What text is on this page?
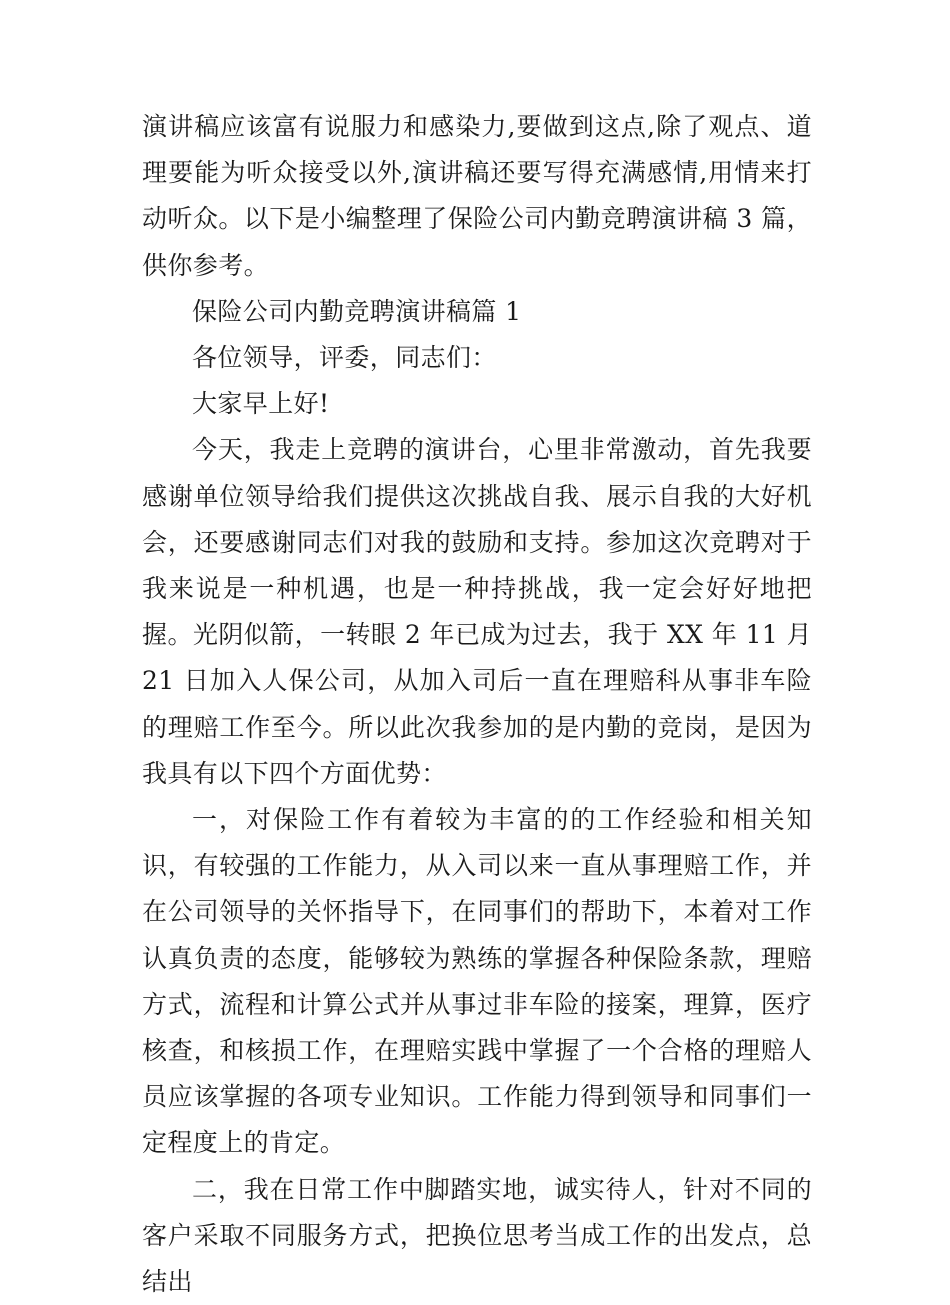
演讲稿应该富有说服力和感染力,要做到这点,除了观点、道理要能为听众接受以外,演讲稿还要写得充满感情,用情来打动听众。以下是小编整理了保险公司内勤竞聘演讲稿 3 篇，供你参考。

保险公司内勤竞聘演讲稿篇 1

各位领导，评委，同志们：

大家早上好!

今天，我走上竞聘的演讲台，心里非常激动，首先我要感谢单位领导给我们提供这次挑战自我、展示自我的大好机会，还要感谢同志们对我的鼓励和支持。参加这次竞聘对于我来说是一种机遇，也是一种持挑战，我一定会好好地把握。光阴似箭，一转眼 2 年已成为过去，我于 XX 年 11 月 21 日加入人保公司，从加入司后一直在理赔科从事非车险的理赔工作至今。所以此次我参加的是内勤的竞岗，是因为我具有以下四个方面优势：

一，对保险工作有着较为丰富的的工作经验和相关知识，有较强的工作能力，从入司以来一直从事理赔工作，并在公司领导的关怀指导下，在同事们的帮助下，本着对工作认真负责的态度，能够较为熟练的掌握各种保险条款，理赔方式，流程和计算公式并从事过非车险的接案，理算，医疗核查，和核损工作，在理赔实践中掌握了一个合格的理赔人员应该掌握的各项专业知识。工作能力得到领导和同事们一定程度上的肯定。

二，我在日常工作中脚踏实地，诚实待人，针对不同的客户采取不同服务方式，把换位思考当成工作的出发点，总结出
